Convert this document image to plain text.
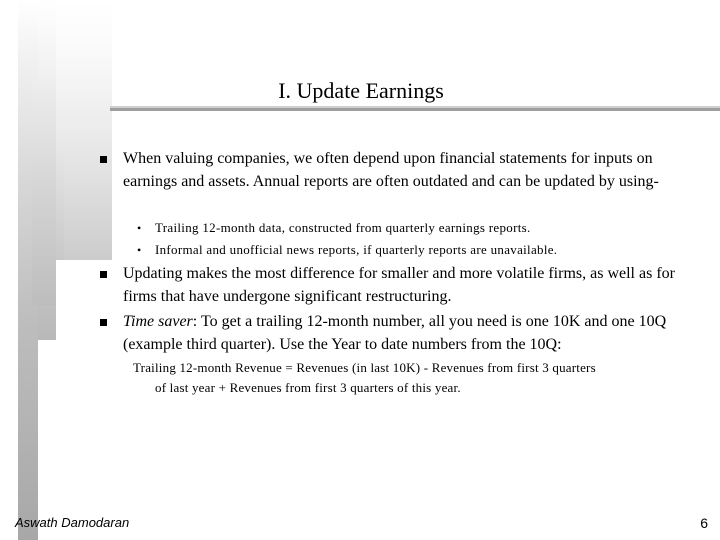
I. Update Earnings
When valuing companies, we often depend upon financial statements for inputs on earnings and assets. Annual reports are often outdated and can be updated by using-
• Trailing 12-month data, constructed from quarterly earnings reports.
• Informal and unofficial news reports, if quarterly reports are unavailable.
Updating makes the most difference for smaller and more volatile firms, as well as for firms that have undergone significant restructuring.
Time saver: To get a trailing 12-month number, all you need is one 10K and one 10Q (example third quarter). Use the Year to date numbers from the 10Q:
Trailing 12-month Revenue = Revenues (in last 10K) - Revenues from first 3 quarters
of last year + Revenues from first 3 quarters of this year.
Aswath Damodaran	6
